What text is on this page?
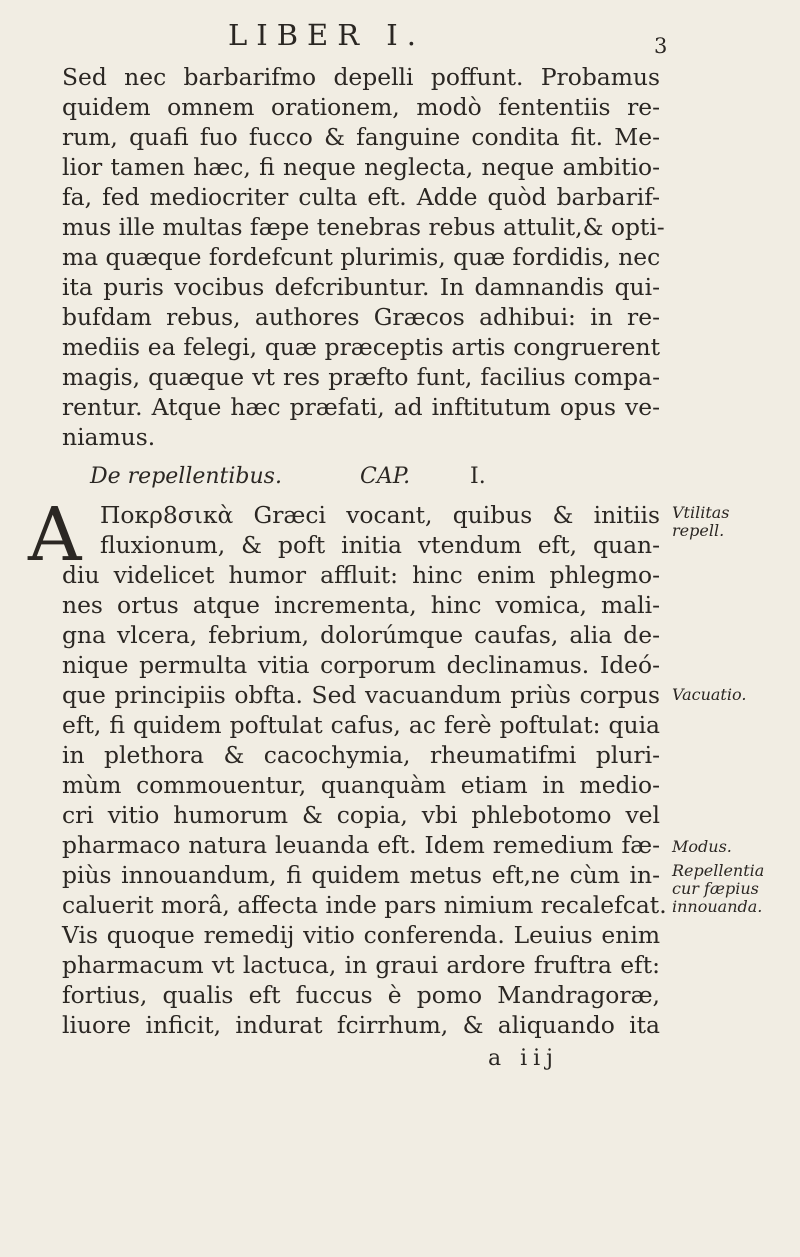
LIBER I.	3
Sed nec barbarifmo depelli poffunt. Probamus
quidem omnem orationem, modò fententiis re-
rum, quafi fuo fucco & fanguine condita fit. Me-
lior tamen hæc, fi neque neglecta, neque ambitio-
fa, fed mediocriter culta eft. Adde quòd barbarif-
mus ille multas fæpe tenebras rebus attulit,& opti-
ma quæque fordefcunt plurimis, quæ fordidis, nec
ita puris vocibus defcribuntur. In damnandis qui-
bufdam rebus, authores Græcos adhibui: in re-
mediis ea felegi, quæ præceptis artis congruerent
magis, quæque vt res præfto funt, facilius compa-
rentur. Atque hæc præfati, ad inftitutum opus ve-
niamus.
De repellentibus.	CAP.	I.
A Ποκρ8σικὰ Græci vocant, quibus & initiis
fluxionum, & poft initia vtendum eft, quan-
diu videlicet humor affluit: hinc enim phlegmo-
nes ortus atque incrementa, hinc vomica, mali-
gna vlcera, febrium, dolorúmque caufas, alia de-
nique permulta vitia corporum declinamus. Ideó-
que principiis obfta. Sed vacuandum priùs corpus
eft, fi quidem poftulat cafus, ac ferè poftulat: quia
in plethora & cacochymia, rheumatifmi pluri-
mùm commouentur, quanquàm etiam in medio-
cri vitio humorum & copia, vbi phlebotomo vel
pharmaco natura leuanda eft. Idem remedium fæ-
piùs innouandum, fi quidem metus eft,ne cùm in-
caluerit morâ, affecta inde pars nimium recalefcat.
Vis quoque remedij vitio conferenda. Leuius enim
pharmacum vt lactuca, in graui ardore fruftra eft:
fortius, qualis eft fuccus è pomo Mandragoræ,
liuore inficit, indurat fcirrhum, & aliquando ita
Vtilitas
repell.
Vacuatio.
Modus.
Repellentia
cur fæpius
innouanda.
a iij
